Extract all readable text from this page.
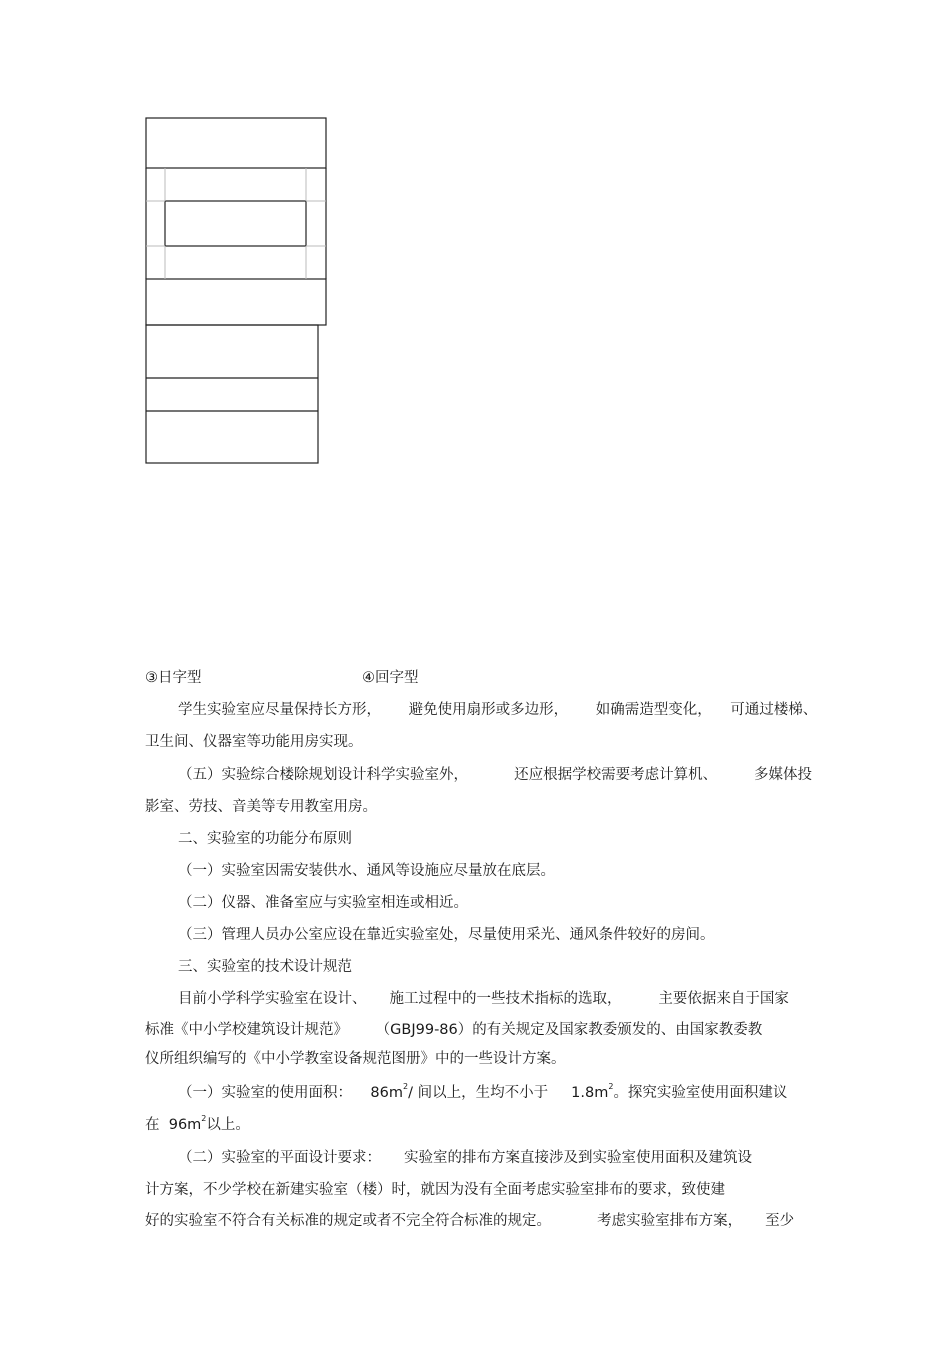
③日字型	④回字型
学生实验室应尽量保持长方形，      避免使用扇形或多边形，      如确需造型变化，    可通过楼梯、
卫生间、仪器室等功能用房实现。
（五）实验综合楼除规划设计科学实验室外，          还应根据学校需要考虑计算机、        多媒体投
影室、劳技、音美等专用教室用房。
二、实验室的功能分布原则
（一）实验室因需安装供水、通风等设施应尽量放在底层。
（二）仪器、准备室应与实验室相连或相近。
（三）管理人员办公室应设在靠近实验室处，尽量使用采光、通风条件较好的房间。
三、实验室的技术设计规范
目前小学科学实验室在设计、     施工过程中的一些技术指标的选取，        主要依据来自于国家
标准《中小学校建筑设计规范》      （GBJ99-86）的有关规定及国家教委颁发的、由国家教委教
仪所组织编写的《中小学教室设备规范图册》中的一些设计方案。
（一）实验室的使用面积：    $86m^2/$ 间以上，生均不小于     $1.8m^2$。探究实验室使用面积建议
在  $96m^2$以上。
（二）实验室的平面设计要求：     实验室的排布方案直接涉及到实验室使用面积及建筑设
计方案，不少学校在新建实验室（楼）时，就因为没有全面考虑实验室排布的要求，致使建
好的实验室不符合有关标准的规定或者不完全符合标准的规定。          考虑实验室排布方案，     至少
